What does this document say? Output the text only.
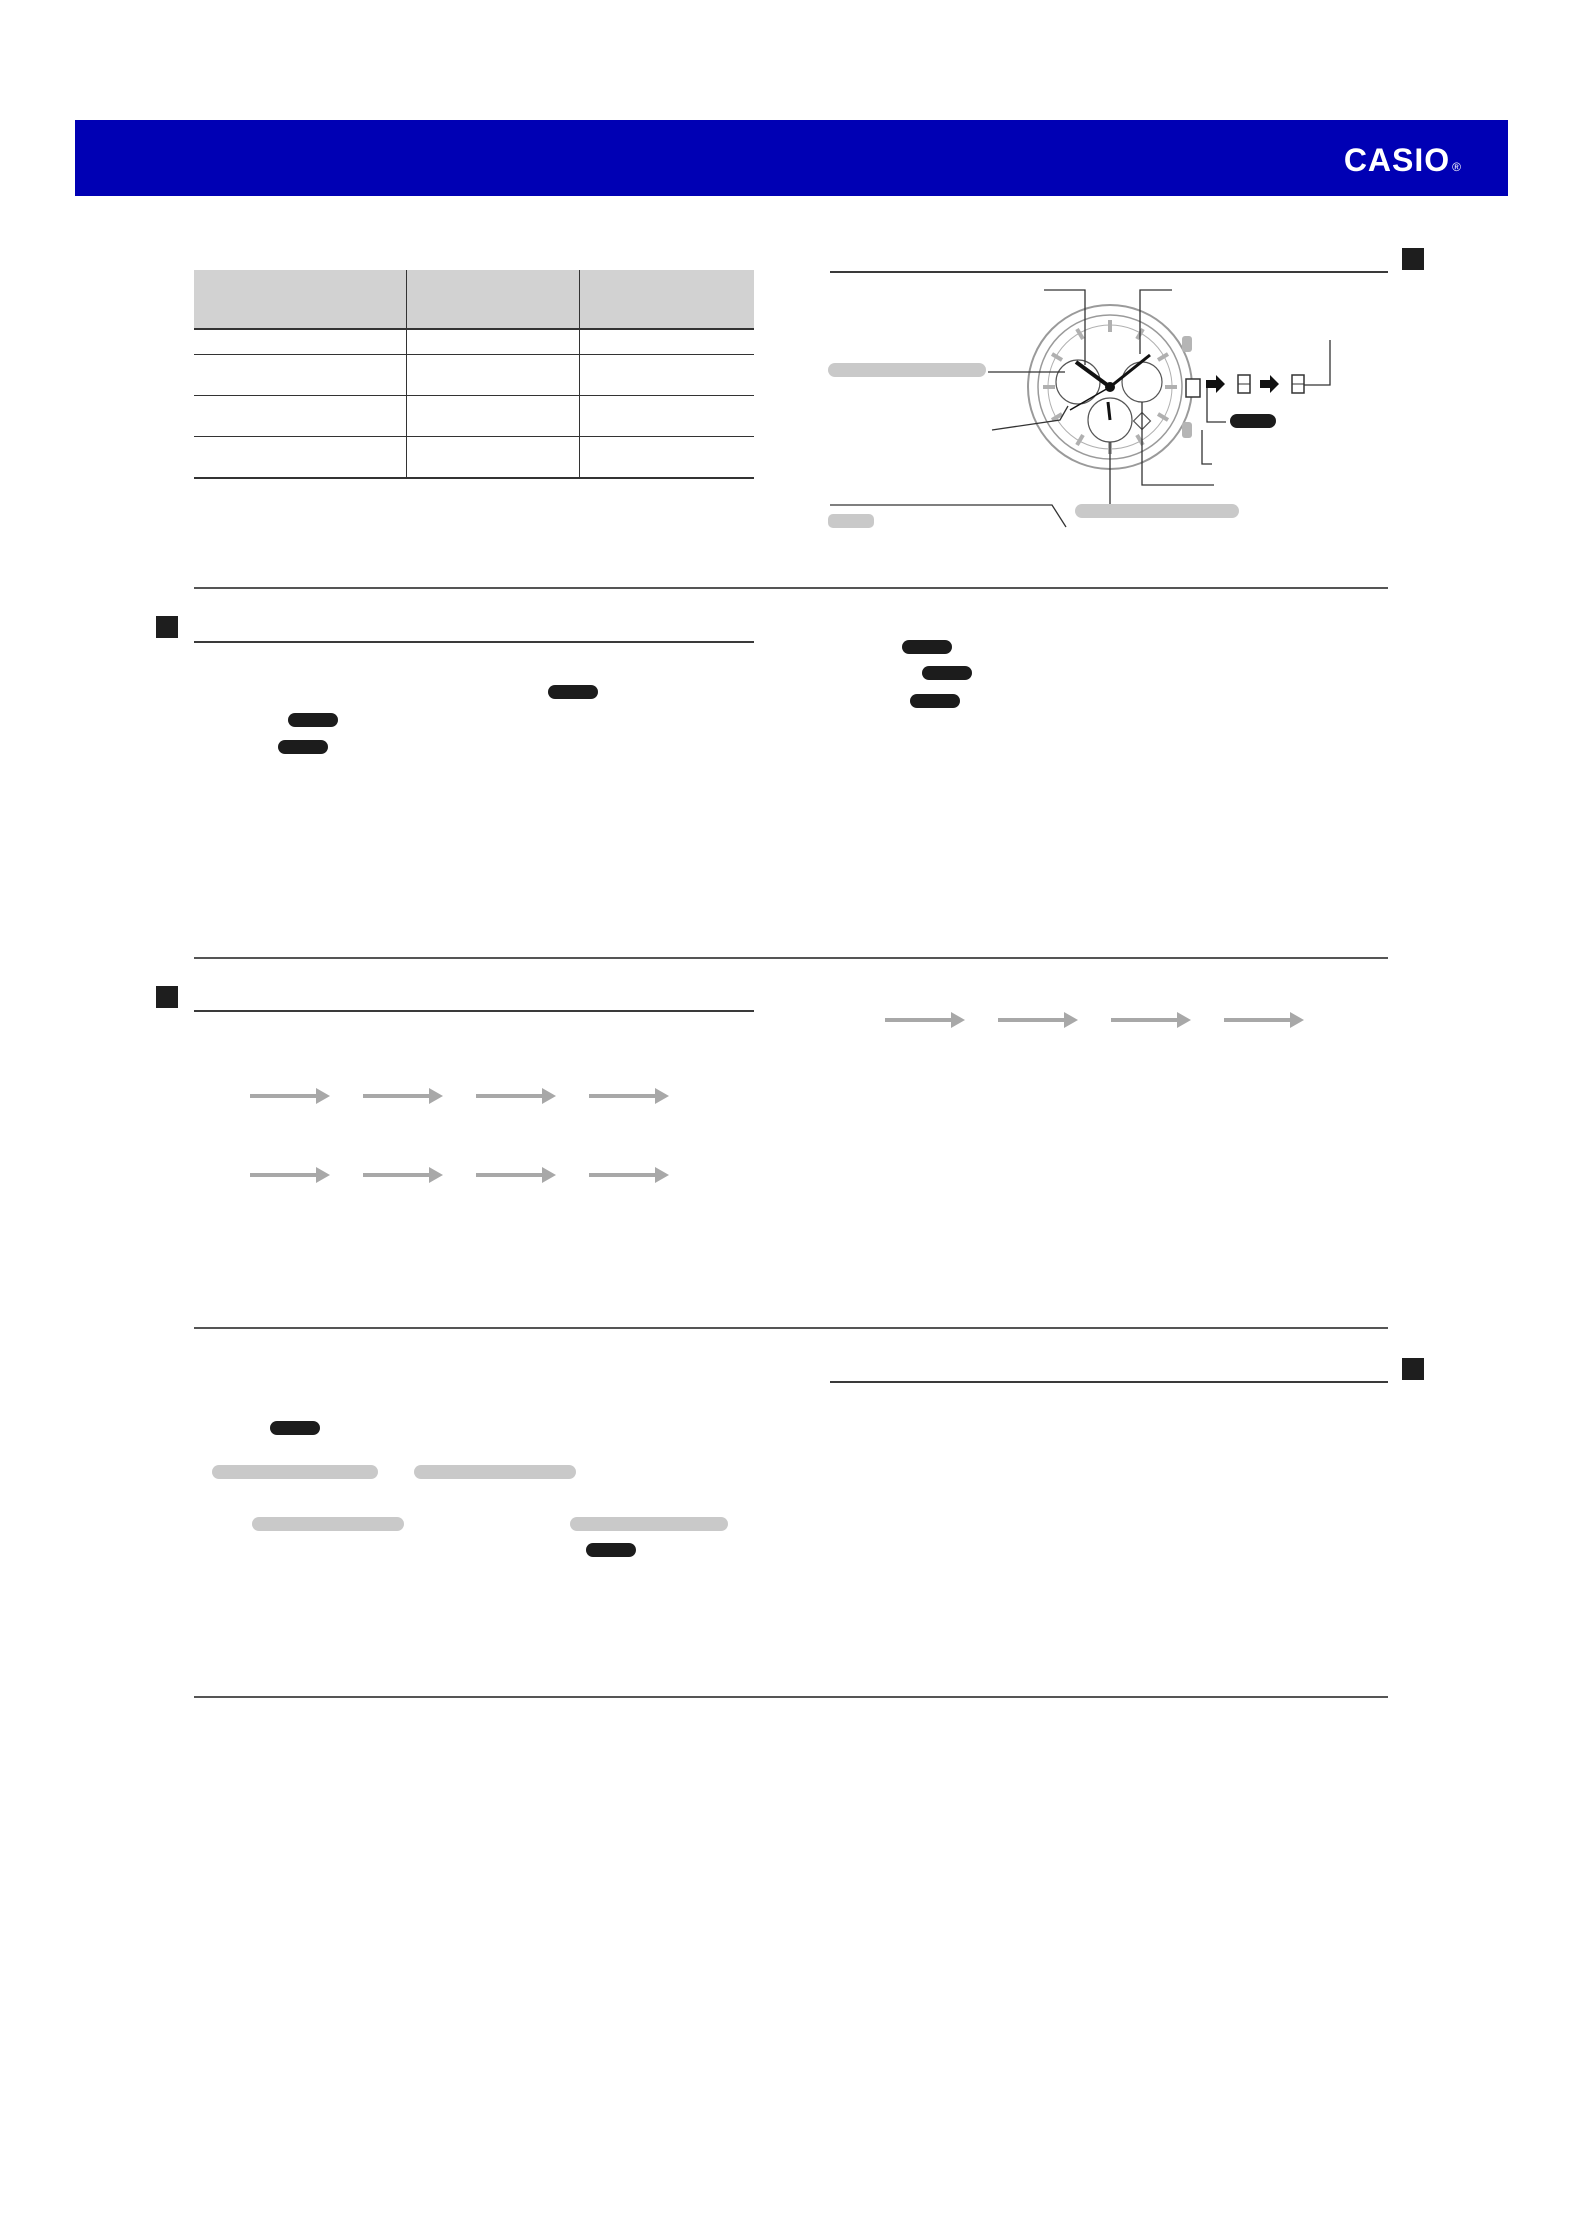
CASIO ®
